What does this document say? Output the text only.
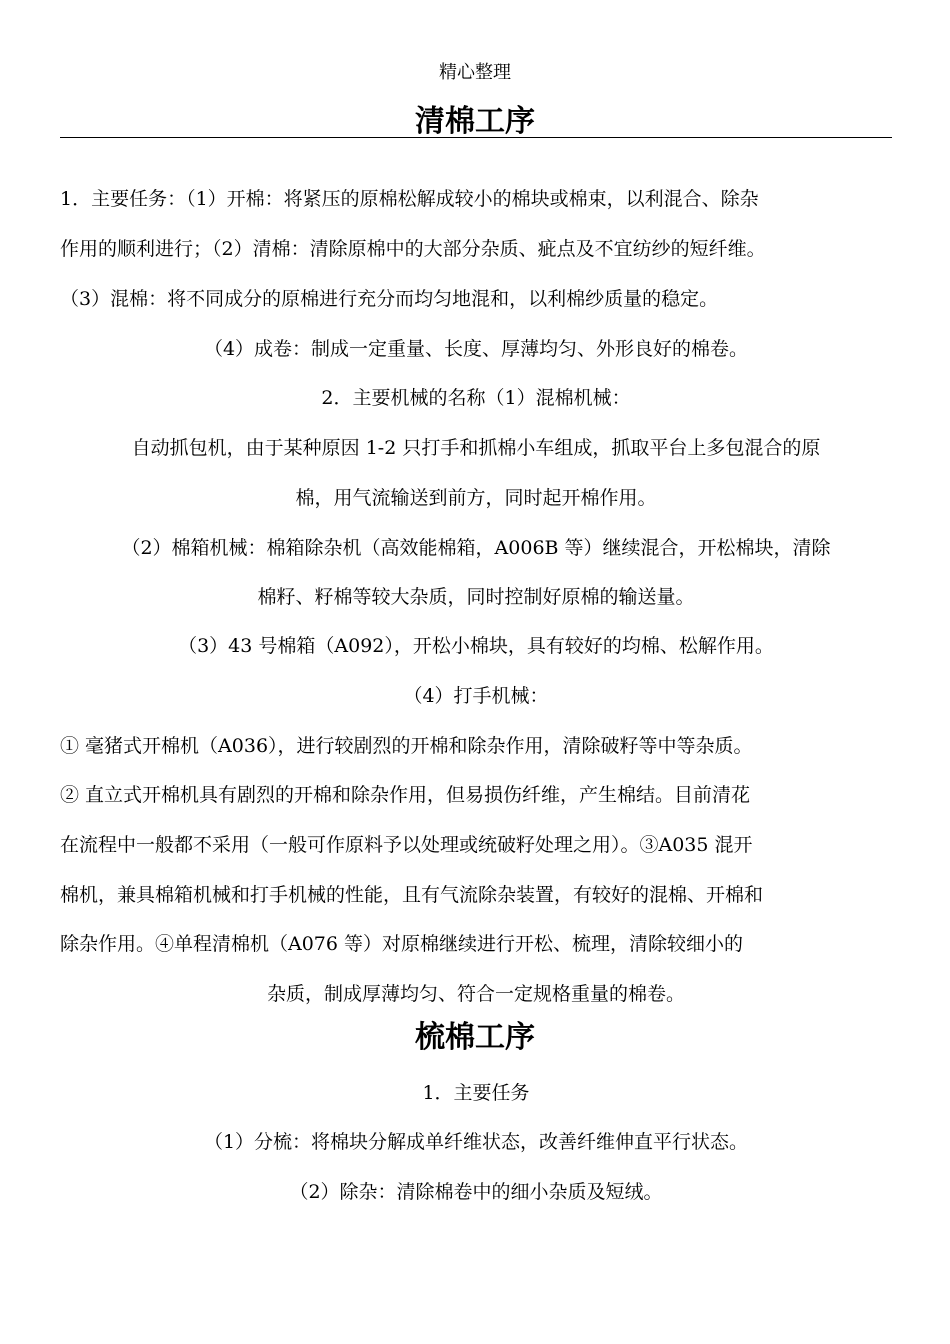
精心整理
清棉工序
1．主要任务：（1）开棉：将紧压的原棉松解成较小的棉块或棉束，以利混合、除杂
作用的顺利进行；（2）清棉：清除原棉中的大部分杂质、疵点及不宜纺纱的短纤维。
（3）混棉：将不同成分的原棉进行充分而均匀地混和，以利棉纱质量的稳定。
（4）成卷：制成一定重量、长度、厚薄均匀、外形良好的棉卷。
2．主要机械的名称（1）混棉机械：
自动抓包机，由于某种原因 1-2 只打手和抓棉小车组成，抓取平台上多包混合的原
棉，用气流输送到前方，同时起开棉作用。
（2）棉箱机械：棉箱除杂机（高效能棉箱，A006B 等）继续混合，开松棉块，清除
棉籽、籽棉等较大杂质，同时控制好原棉的输送量。
（3）43 号棉箱（A092），开松小棉块，具有较好的均棉、松解作用。
（4）打手机械：
① 毫猪式开棉机（A036），进行较剧烈的开棉和除杂作用，清除破籽等中等杂质。
② 直立式开棉机具有剧烈的开棉和除杂作用，但易损伤纤维，产生棉结。目前清花
在流程中一般都不采用（一般可作原料予以处理或统破籽处理之用）。③A035 混开
棉机，兼具棉箱机械和打手机械的性能，且有气流除杂装置，有较好的混棉、开棉和
除杂作用。④单程清棉机（A076 等）对原棉继续进行开松、梳理，清除较细小的
杂质，制成厚薄均匀、符合一定规格重量的棉卷。
梳棉工序
1．主要任务
（1）分梳：将棉块分解成单纤维状态，改善纤维伸直平行状态。
（2）除杂：清除棉卷中的细小杂质及短绒。
